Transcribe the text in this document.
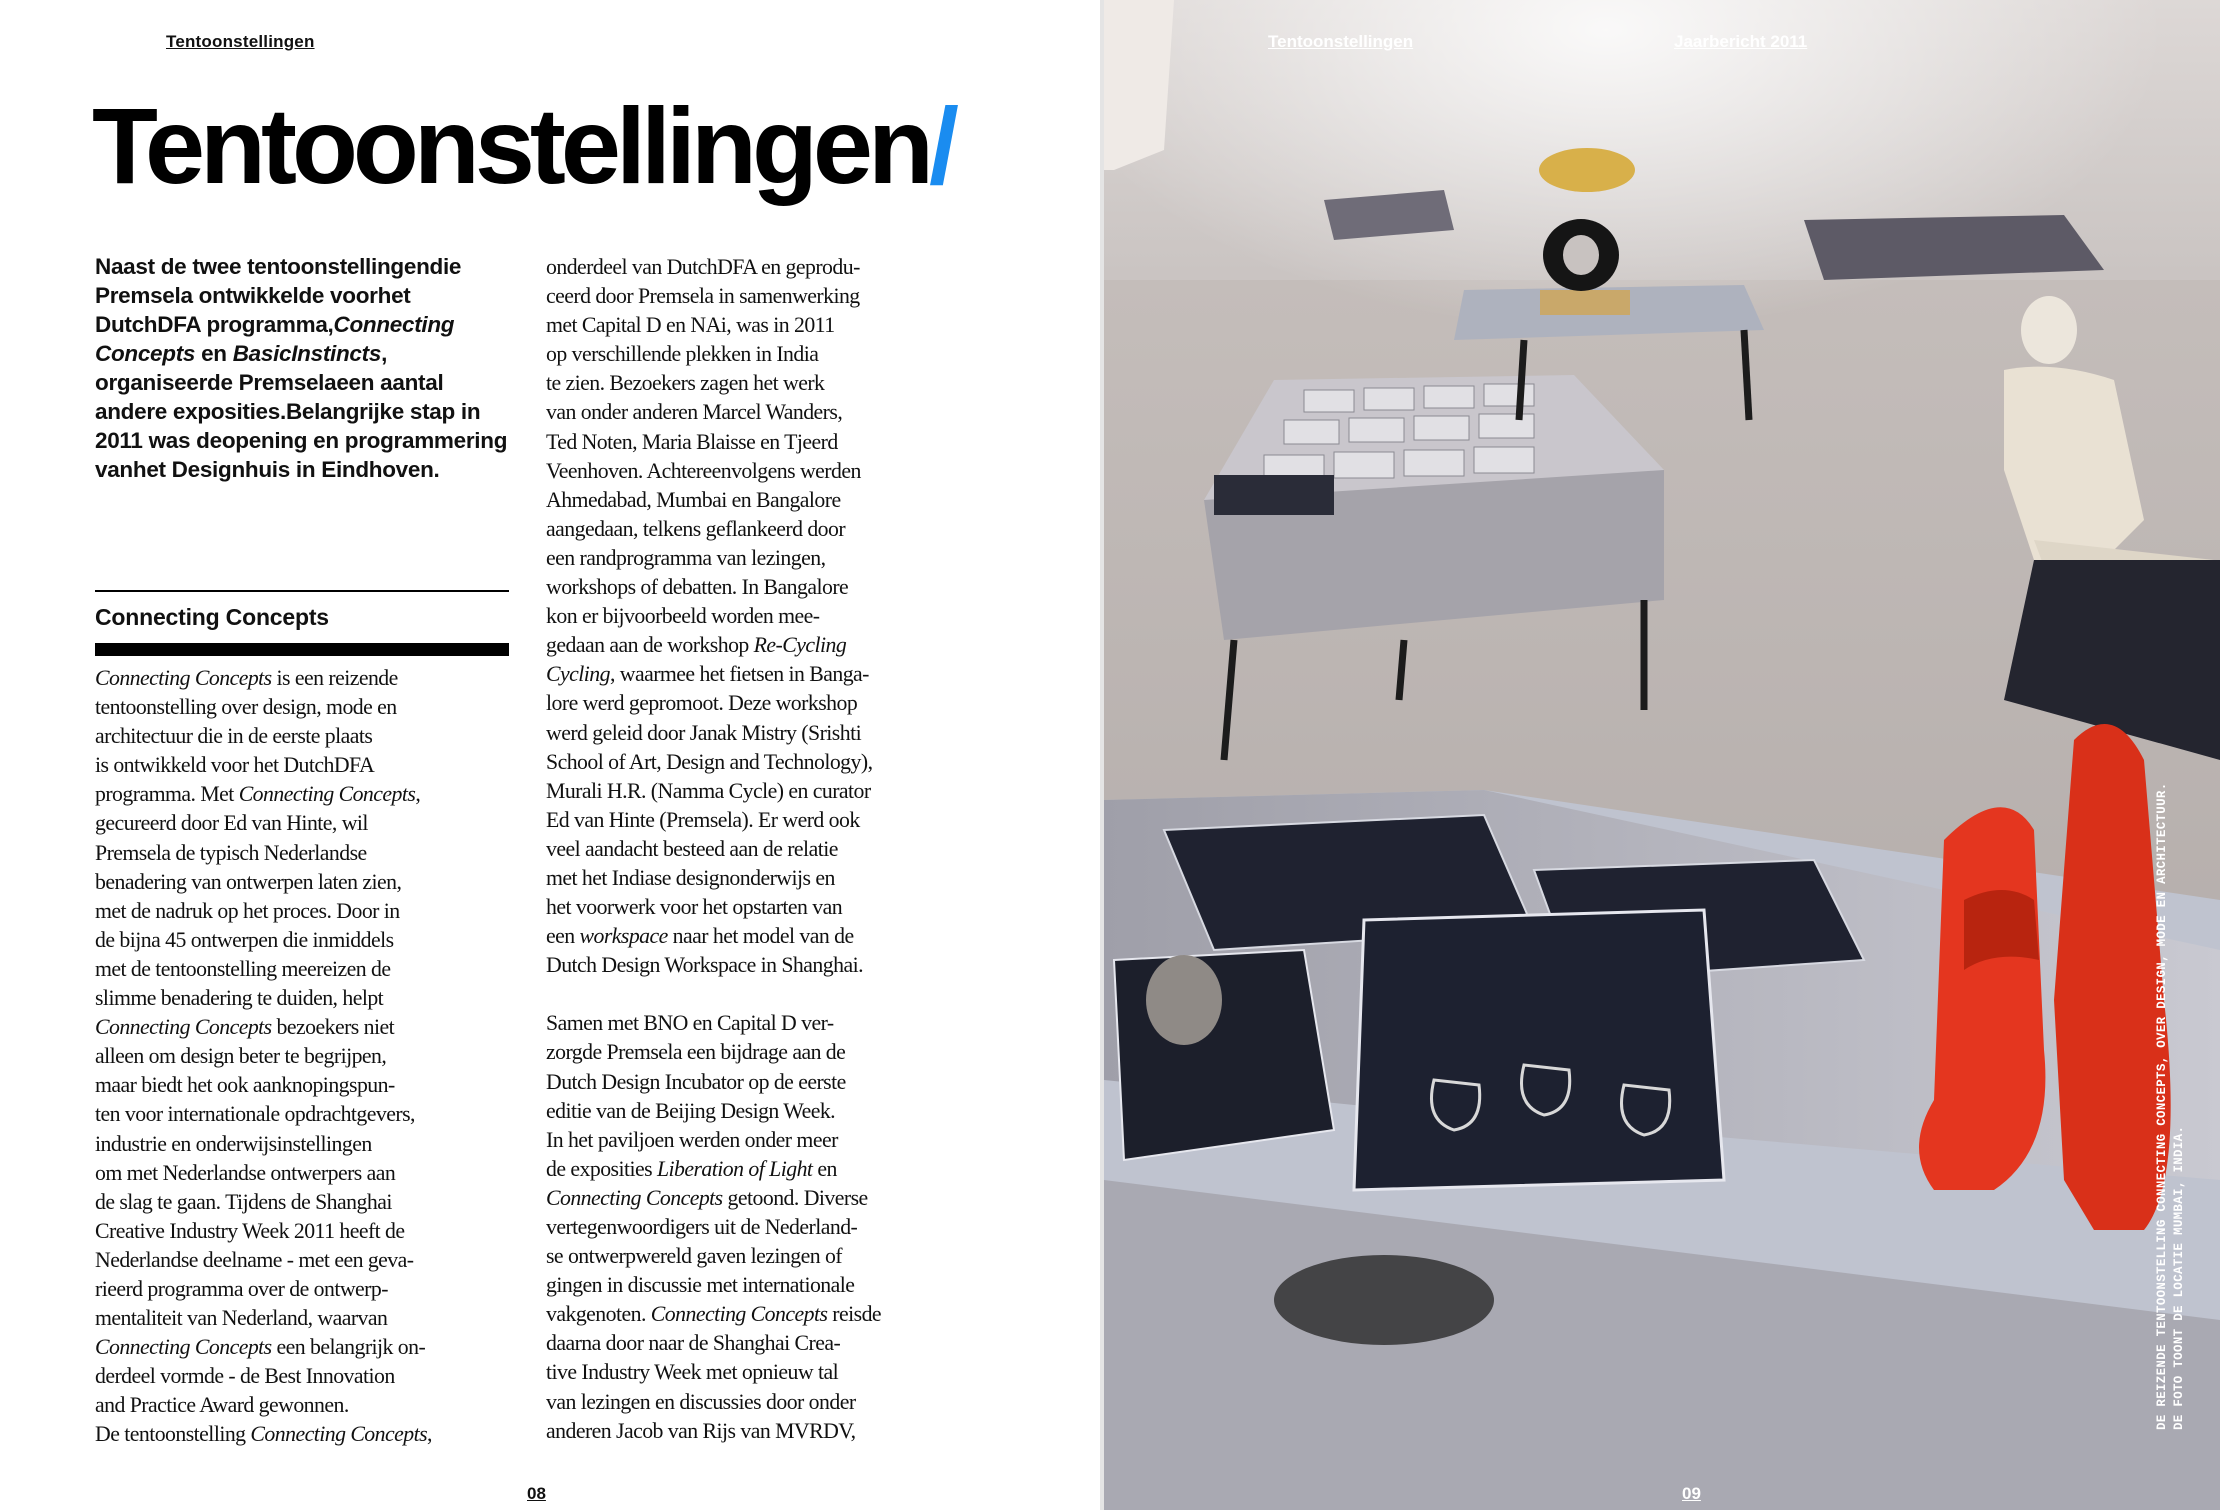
Tentoonstellingen
Tentoonstellingen/

Naast de twee tentoonstellingendie Premsela ontwikkelde voorhet DutchDFA programma,Connecting Concepts en BasicInstincts, organiseerde Premselaeen aantal andere exposities.Belangrijke stap in 2011 was deopening en programmering vanhet Designhuis in Eindhoven.

Connecting Concepts

Connecting Concepts is een reizende
tentoonstelling over design, mode en
architectuur die in de eerste plaats
is ontwikkeld voor het DutchDFA
programma. Met Connecting Concepts,
gecureerd door Ed van Hinte, wil
Premsela de typisch Nederlandse
benadering van ontwerpen laten zien,
met de nadruk op het proces. Door in
de bijna 45 ontwerpen die inmiddels
met de tentoonstelling meereizen de
slimme benadering te duiden, helpt
Connecting Concepts bezoekers niet
alleen om design beter te begrijpen,
maar biedt het ook aanknopingspun-
ten voor internationale opdrachtgevers,
industrie en onderwijsinstellingen
om met Nederlandse ontwerpers aan
de slag te gaan. Tijdens de Shanghai
Creative Industry Week 2011 heeft de
Nederlandse deelname - met een geva-
rieerd programma over de ontwerp-
mentaliteit van Nederland, waarvan
Connecting Concepts een belangrijk on-
derdeel vormde - de Best Innovation
and Practice Award gewonnen.
De tentoonstelling Connecting Concepts,

onderdeel van DutchDFA en geprodu-
ceerd door Premsela in samenwerking
met Capital D en NAi, was in 2011
op verschillende plekken in India
te zien. Bezoekers zagen het werk
van onder anderen Marcel Wanders,
Ted Noten, Maria Blaisse en Tjeerd
Veenhoven. Achtereenvolgens werden
Ahmedabad, Mumbai en Bangalore
aangedaan, telkens geflankeerd door
een randprogramma van lezingen,
workshops of debatten. In Bangalore
kon er bijvoorbeeld worden mee-
gedaan aan de workshop Re-Cycling
Cycling, waarmee het fietsen in Banga-
lore werd gepromoot. Deze workshop
werd geleid door Janak Mistry (Srishti
School of Art, Design and Technology),
Murali H.R. (Namma Cycle) en curator
Ed van Hinte (Premsela). Er werd ook
veel aandacht besteed aan de relatie
met het Indiase designonderwijs en
het voorwerk voor het opstarten van
een workspace naar het model van de
Dutch Design Workspace in Shanghai.
Samen met BNO en Capital D ver-
zorgde Premsela een bijdrage aan de
Dutch Design Incubator op de eerste
editie van de Beijing Design Week.
In het paviljoen werden onder meer
de exposities Liberation of Light en
Connecting Concepts getoond. Diverse
vertegenwoordigers uit de Nederland-
se ontwerpwereld gaven lezingen of
gingen in discussie met internationale
vakgenoten. Connecting Concepts reisde
daarna door naar de Shanghai Crea-
tive Industry Week met opnieuw tal
van lezingen en discussies door onder
anderen Jacob van Rijs van MVRDV,

08
Tentoonstellingen	Jaarbericht 2011
DE REIZENDE TENTOONSTELLING CONNECTING CONCEPTS, OVER DESIGN, MODE EN ARCHITECTUUR. DE FOTO TOONT DE LOCATIE MUMBAI, INDIA.
09
